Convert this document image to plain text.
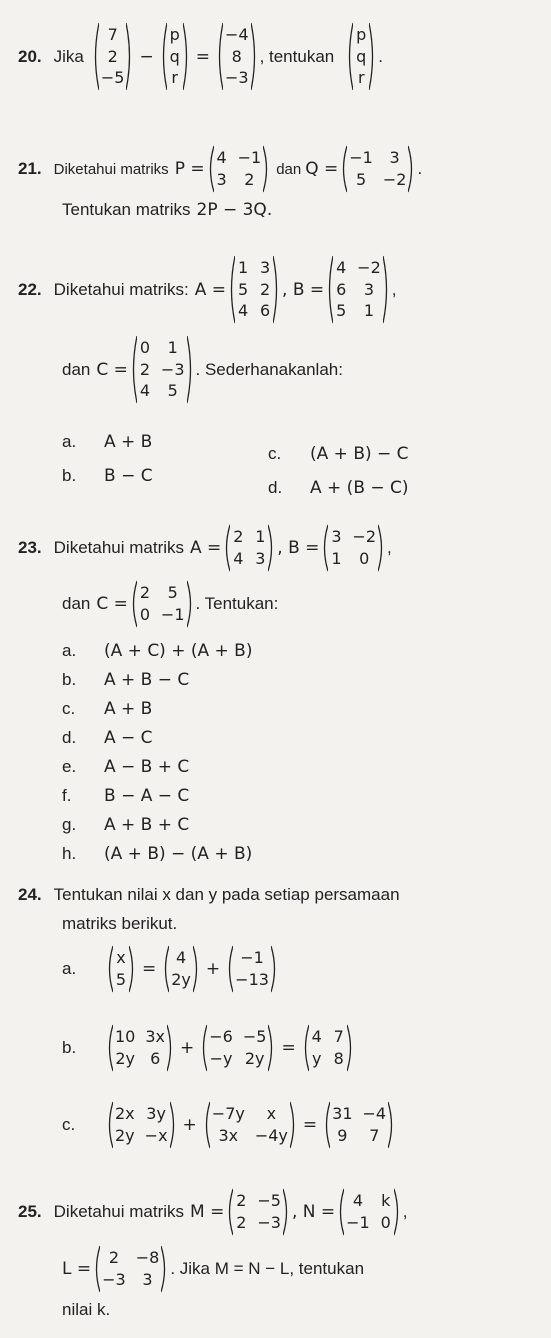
20. Jika
7
2
−5
−
p
q
r
=
−4
8
−3
, tentukan
p
q
r
.
21. Diketahui matriks P =
4 −1
3	2
dan Q =
−1	3
5	−2
.
Tentukan matriks 2P − 3Q.
22. Diketahui matriks: A =
1 3
5 2
4 6
, B =
4 −2
6	3
5	1
,
dan C =
0	1
2 −3
4	5
. Sederhanakanlah:
a.	A + B
b.	B − C
c.	(A + B) − C
d.	A + (B − C)
23. Diketahui matriks A =
2 1
4 3
, B =
3 −2
1	0
,
dan C =
2	5
0 −1
. Tentukan:
a.	(A + C) + (A + B)
b.	A + B − C
c.	A + B
d.	A − C
e.	A − B + C
f.	B − A − C
g.	A + B + C
h.	(A + B) − (A + B)
24. Tentukan nilai x dan y pada setiap persamaan
matriks berikut.
a.
x
5
=
4
2y
+
−1
−13
b.
10 3x
2y 6
+
−6 −5
−y 2y
=
4 7
y 8
c.
2x 3y
2y −x
+
−7y	x
3x	−4y
=
31 −4
9	7
25. Diketahui matriks M =
2 −5
2 −3
, N =
4	k
−1 0
,
L =
2	−8
−3	3
. Jika M = N − L, tentukan
nilai k.
